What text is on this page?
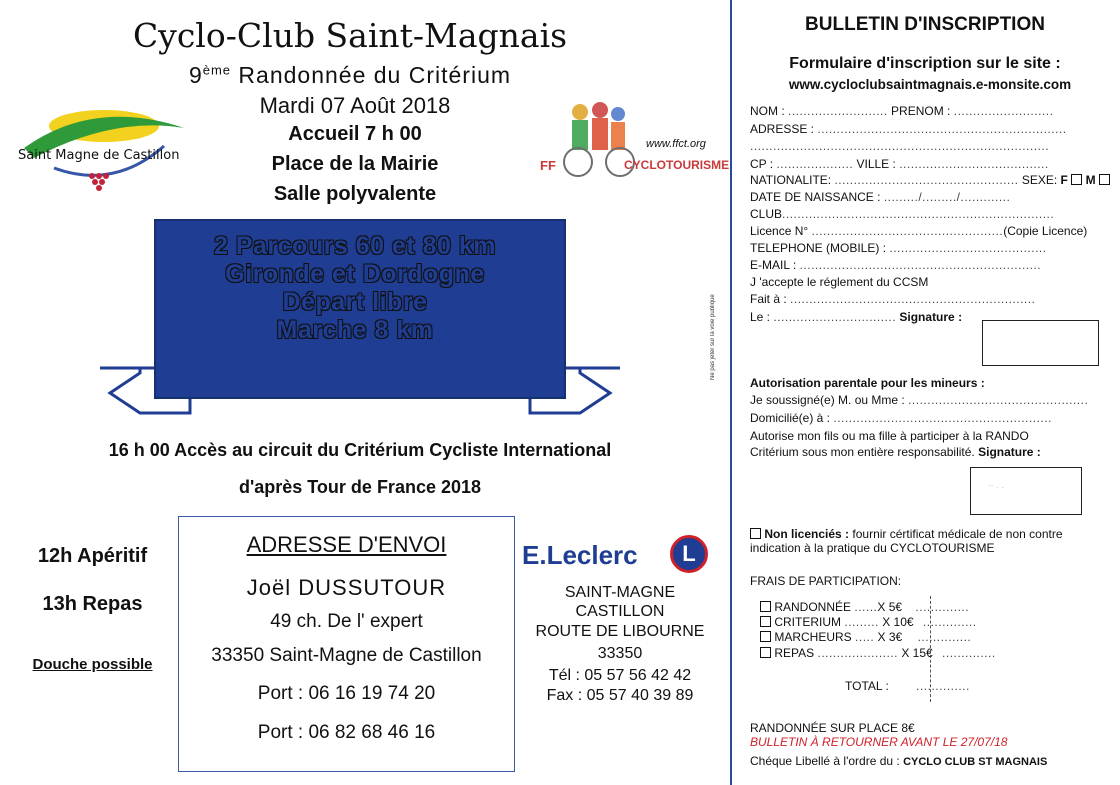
Cyclo-Club Saint-Magnais
9ème Randonnée du Critérium
Mardi 07 Août 2018
Accueil 7 h 00
Place de la Mairie
Salle polyvalente
Saint Magne de Castillon
www.ffct.org
FF	CYCLOTOURISME
2 Parcours 60 et 80 km
Gironde et Dordogne
Départ libre
Marche 8 km
16 h 00 Accès au circuit du Critérium Cycliste International
d'après Tour de France 2018
12h Apéritif
13h Repas
Douche possible
ADRESSE D'ENVOI
Joël DUSSUTOUR
49 ch. De l' expert
33350 Saint-Magne de Castillon
Port : 06 16 19 74 20
Port : 06 82 68 46 16
E.Leclerc	L
SAINT-MAGNE
CASTILLON
ROUTE DE LIBOURNE
33350
Tél : 05 57 56 42 42
Fax : 05 57 40 39 89
Ne pas jeter sur la voie publique
BULLETIN D'INSCRIPTION
Formulaire d'inscription sur le site :
www.cycloclubsaintmagnais.e-monsite.com
NOM : .......................... PRENOM : ..........................
ADRESSE : .................................................................
..............................................................................
CP : .................... VILLE : .......................................
NATIONALITE: ................................................ SEXE: F M
DATE DE NAISSANCE : ........./........./.............
CLUB.......................................................................
Licence N° ..................................................(Copie Licence)
TELEPHONE (MOBILE) : .........................................
E-MAIL : ...............................................................
J 'accepte le réglement du CCSM
Fait à : ................................................................
Le : ................................ Signature :
Autorisation parentale pour les mineurs :
Je soussigné(e) M. ou Mme : ...............................................
Domicilié(e) à : .........................................................
Autorise mon fils ou ma fille à participer à la RANDO
Critérium sous mon entière responsabilité. Signature :
˙˙ ˑ ˑ
Non licenciés : fournir cértificat médicale de non contre
indication à la pratique du CYCLOTOURISME
FRAIS DE PARTICIPATION:
RANDONNÉE ......X 5€ ..............
CRITERIUM ......... X 10€ ..............
MARCHEURS ..... X 3€ ..............
REPAS ..................... X 15€ ..............
TOTAL : ..............
RANDONNÉE SUR PLACE 8€
BULLETIN À RETOURNER AVANT LE 27/07/18
Chéque Libellé à l'ordre du : CYCLO CLUB ST MAGNAIS
